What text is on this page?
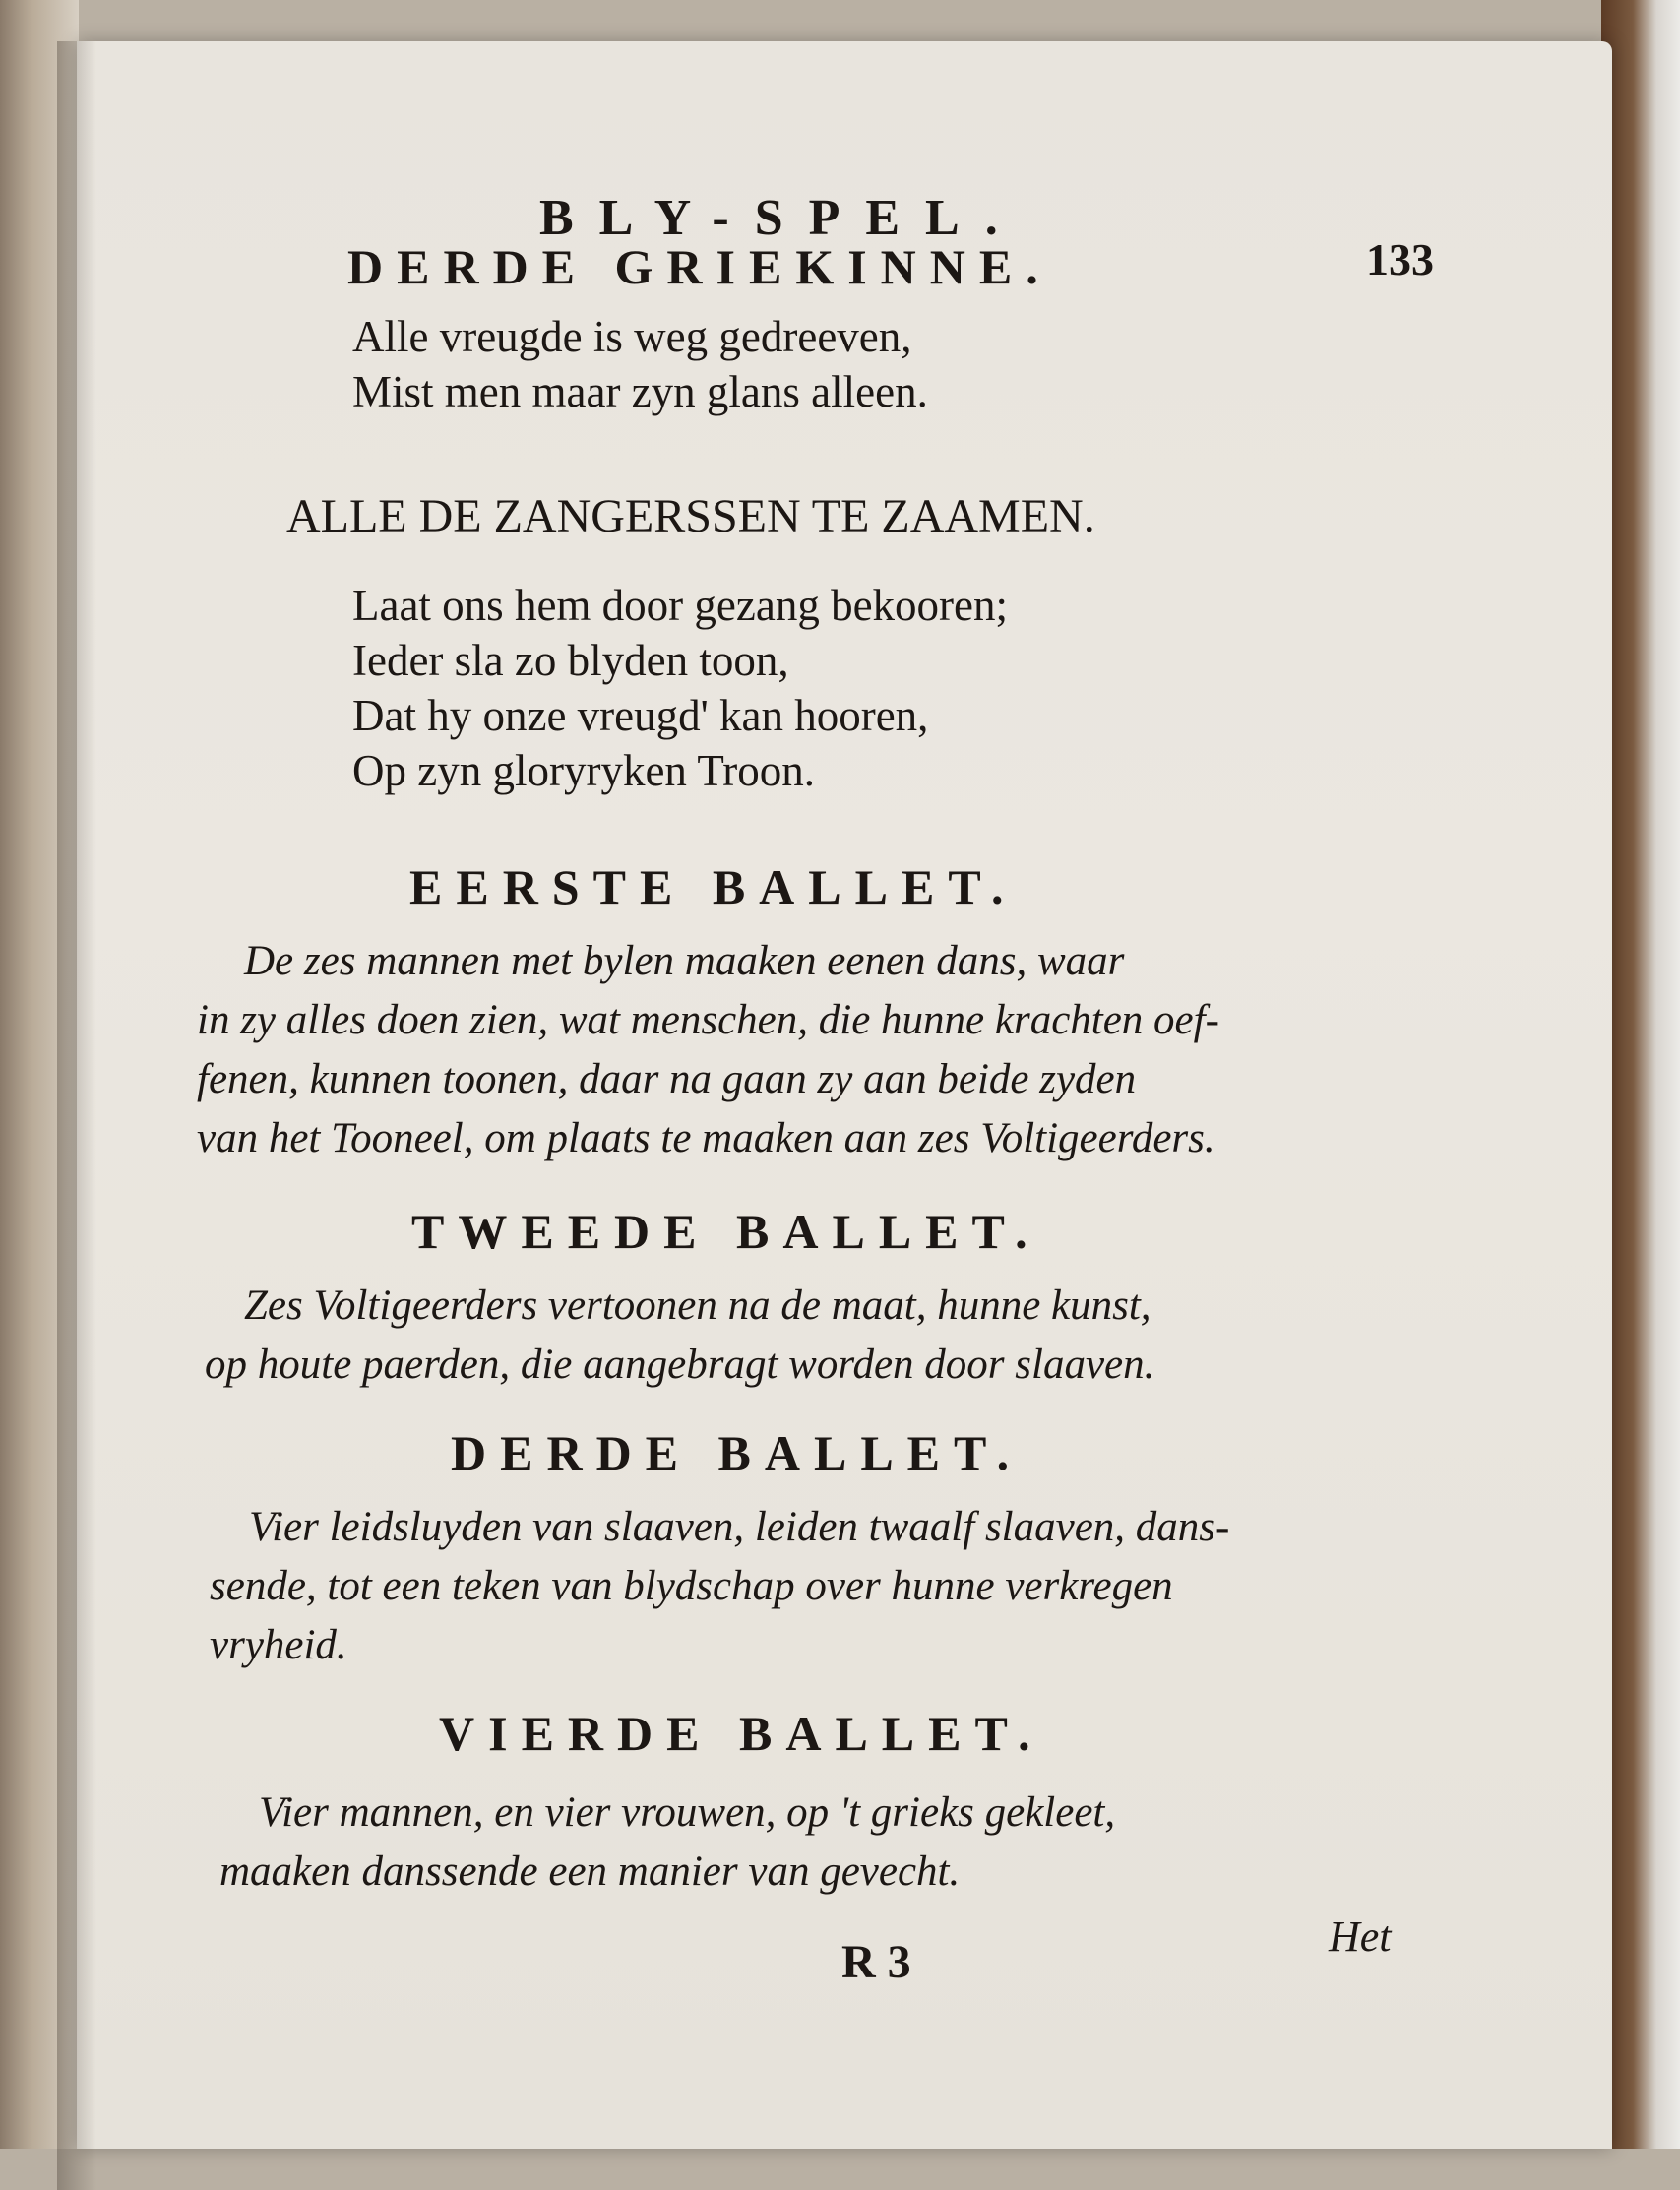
BLY-SPEL.
133
DERDE GRIEKINNE.
Alle vreugde is weg gedreeven,
Mist men maar zyn glans alleen.
ALLE DE ZANGERSSEN TE ZAAMEN.
Laat ons hem door gezang bekooren;
Ieder sla zo blyden toon,
Dat hy onze vreugd' kan hooren,
Op zyn gloryryken Troon.
EERSTE BALLET.
De zes mannen met bylen maaken eenen dans, waar
in zy alles doen zien, wat menschen, die hunne krachten oef-
fenen, kunnen toonen, daar na gaan zy aan beide zyden
van het Tooneel, om plaats te maaken aan zes Voltigeerders.
TWEEDE BALLET.
Zes Voltigeerders vertoonen na de maat, hunne kunst,
op houte paerden, die aangebragt worden door slaaven.
DERDE BALLET.
Vier leidsluyden van slaaven, leiden twaalf slaaven, dans-
sende, tot een teken van blydschap over hunne verkregen
vryheid.
VIERDE BALLET.
Vier mannen, en vier vrouwen, op 't grieks gekleet,
maaken danssende een manier van gevecht.
R 3	Het
